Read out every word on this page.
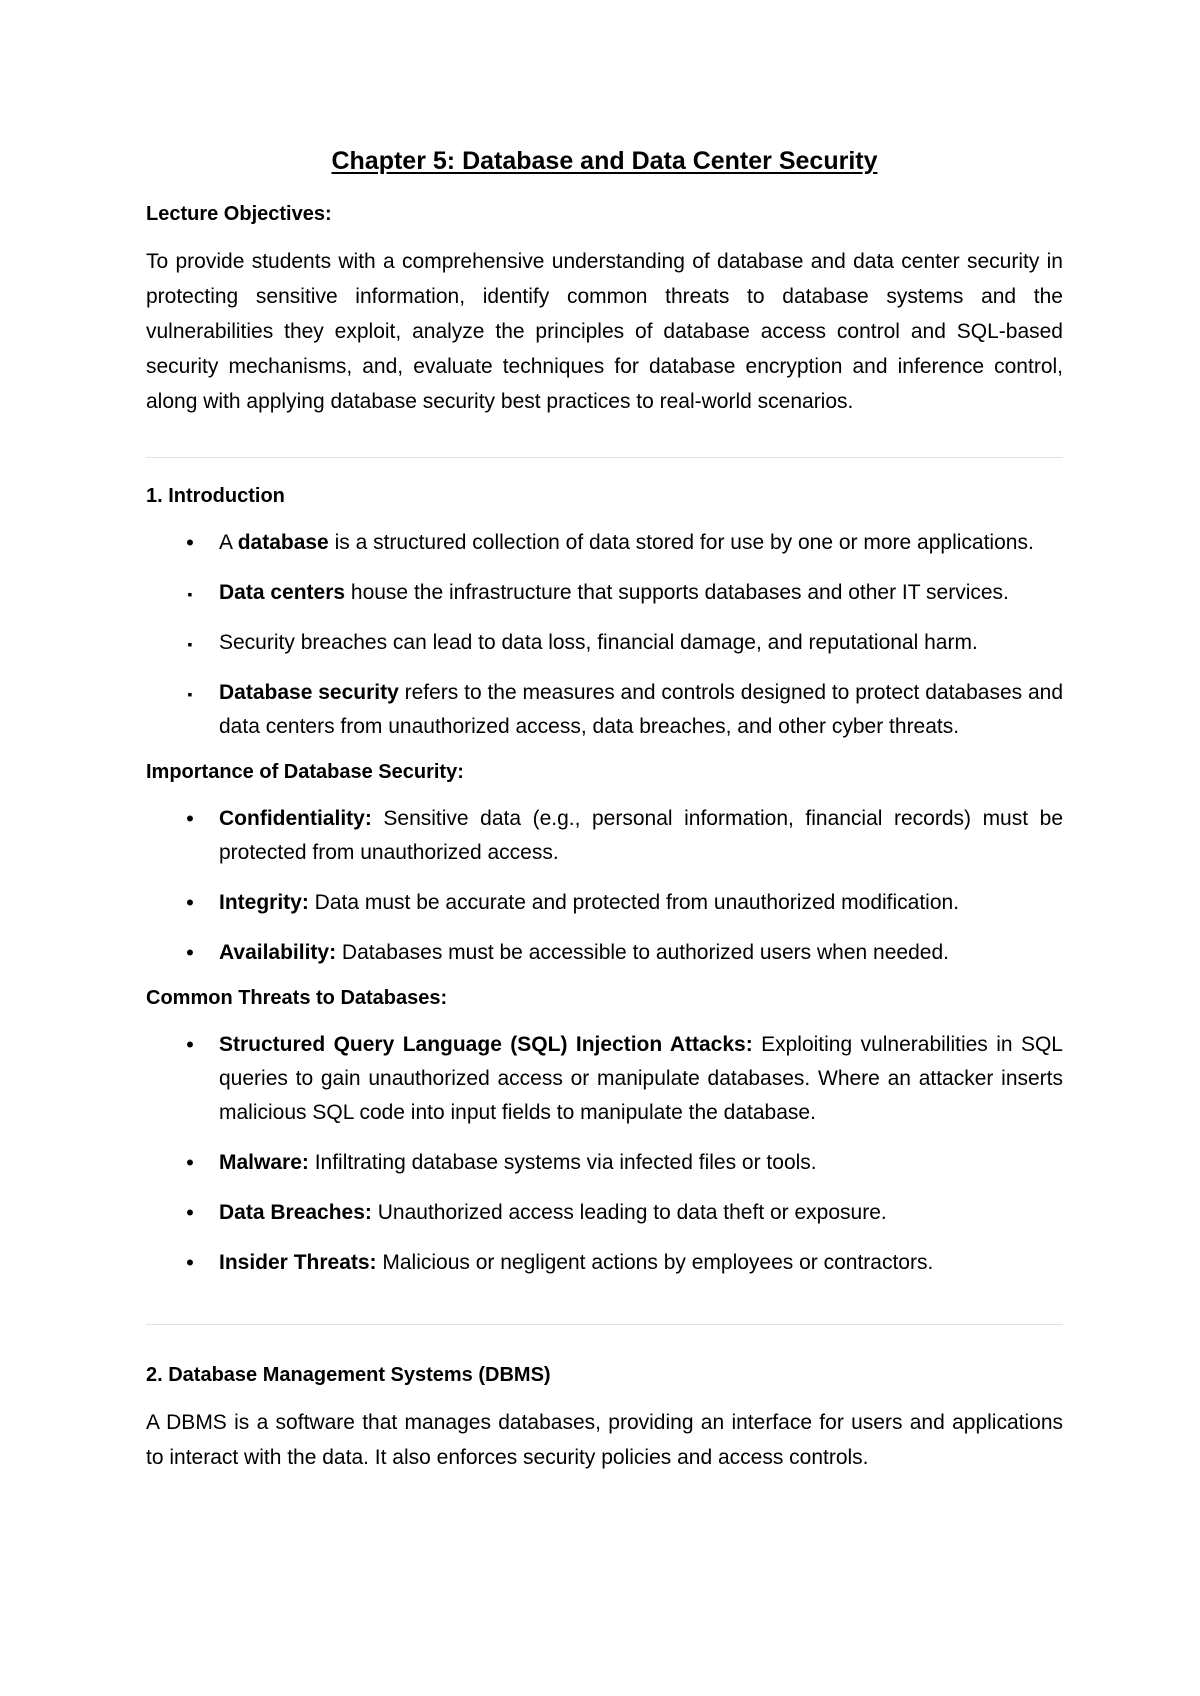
Chapter 5: Database and Data Center Security
Lecture Objectives:

To provide students with a comprehensive understanding of database and data center security in protecting sensitive information, identify common threats to database systems and the vulnerabilities they exploit, analyze the principles of database access control and SQL-based security mechanisms, and, evaluate techniques for database encryption and inference control, along with applying database security best practices to real-world scenarios.

1. Introduction
•
A database is a structured collection of data stored for use by one or more applications.
▪
Data centers house the infrastructure that supports databases and other IT services.
▪
Security breaches can lead to data loss, financial damage, and reputational harm.
▪
Database security refers to the measures and controls designed to protect databases and data centers from unauthorized access, data breaches, and other cyber threats.
Importance of Database Security:
•
Confidentiality: Sensitive data (e.g., personal information, financial records) must be protected from unauthorized access.
•
Integrity: Data must be accurate and protected from unauthorized modification.
•
Availability: Databases must be accessible to authorized users when needed.
Common Threats to Databases:
•
Structured Query Language (SQL) Injection Attacks: Exploiting vulnerabilities in SQL queries to gain unauthorized access or manipulate databases. Where an attacker inserts malicious SQL code into input fields to manipulate the database.
•
Malware: Infiltrating database systems via infected files or tools.
•
Data Breaches: Unauthorized access leading to data theft or exposure.
•
Insider Threats: Malicious or negligent actions by employees or contractors.
2. Database Management Systems (DBMS)

A DBMS is a software that manages databases, providing an interface for users and applications to interact with the data. It also enforces security policies and access controls.
